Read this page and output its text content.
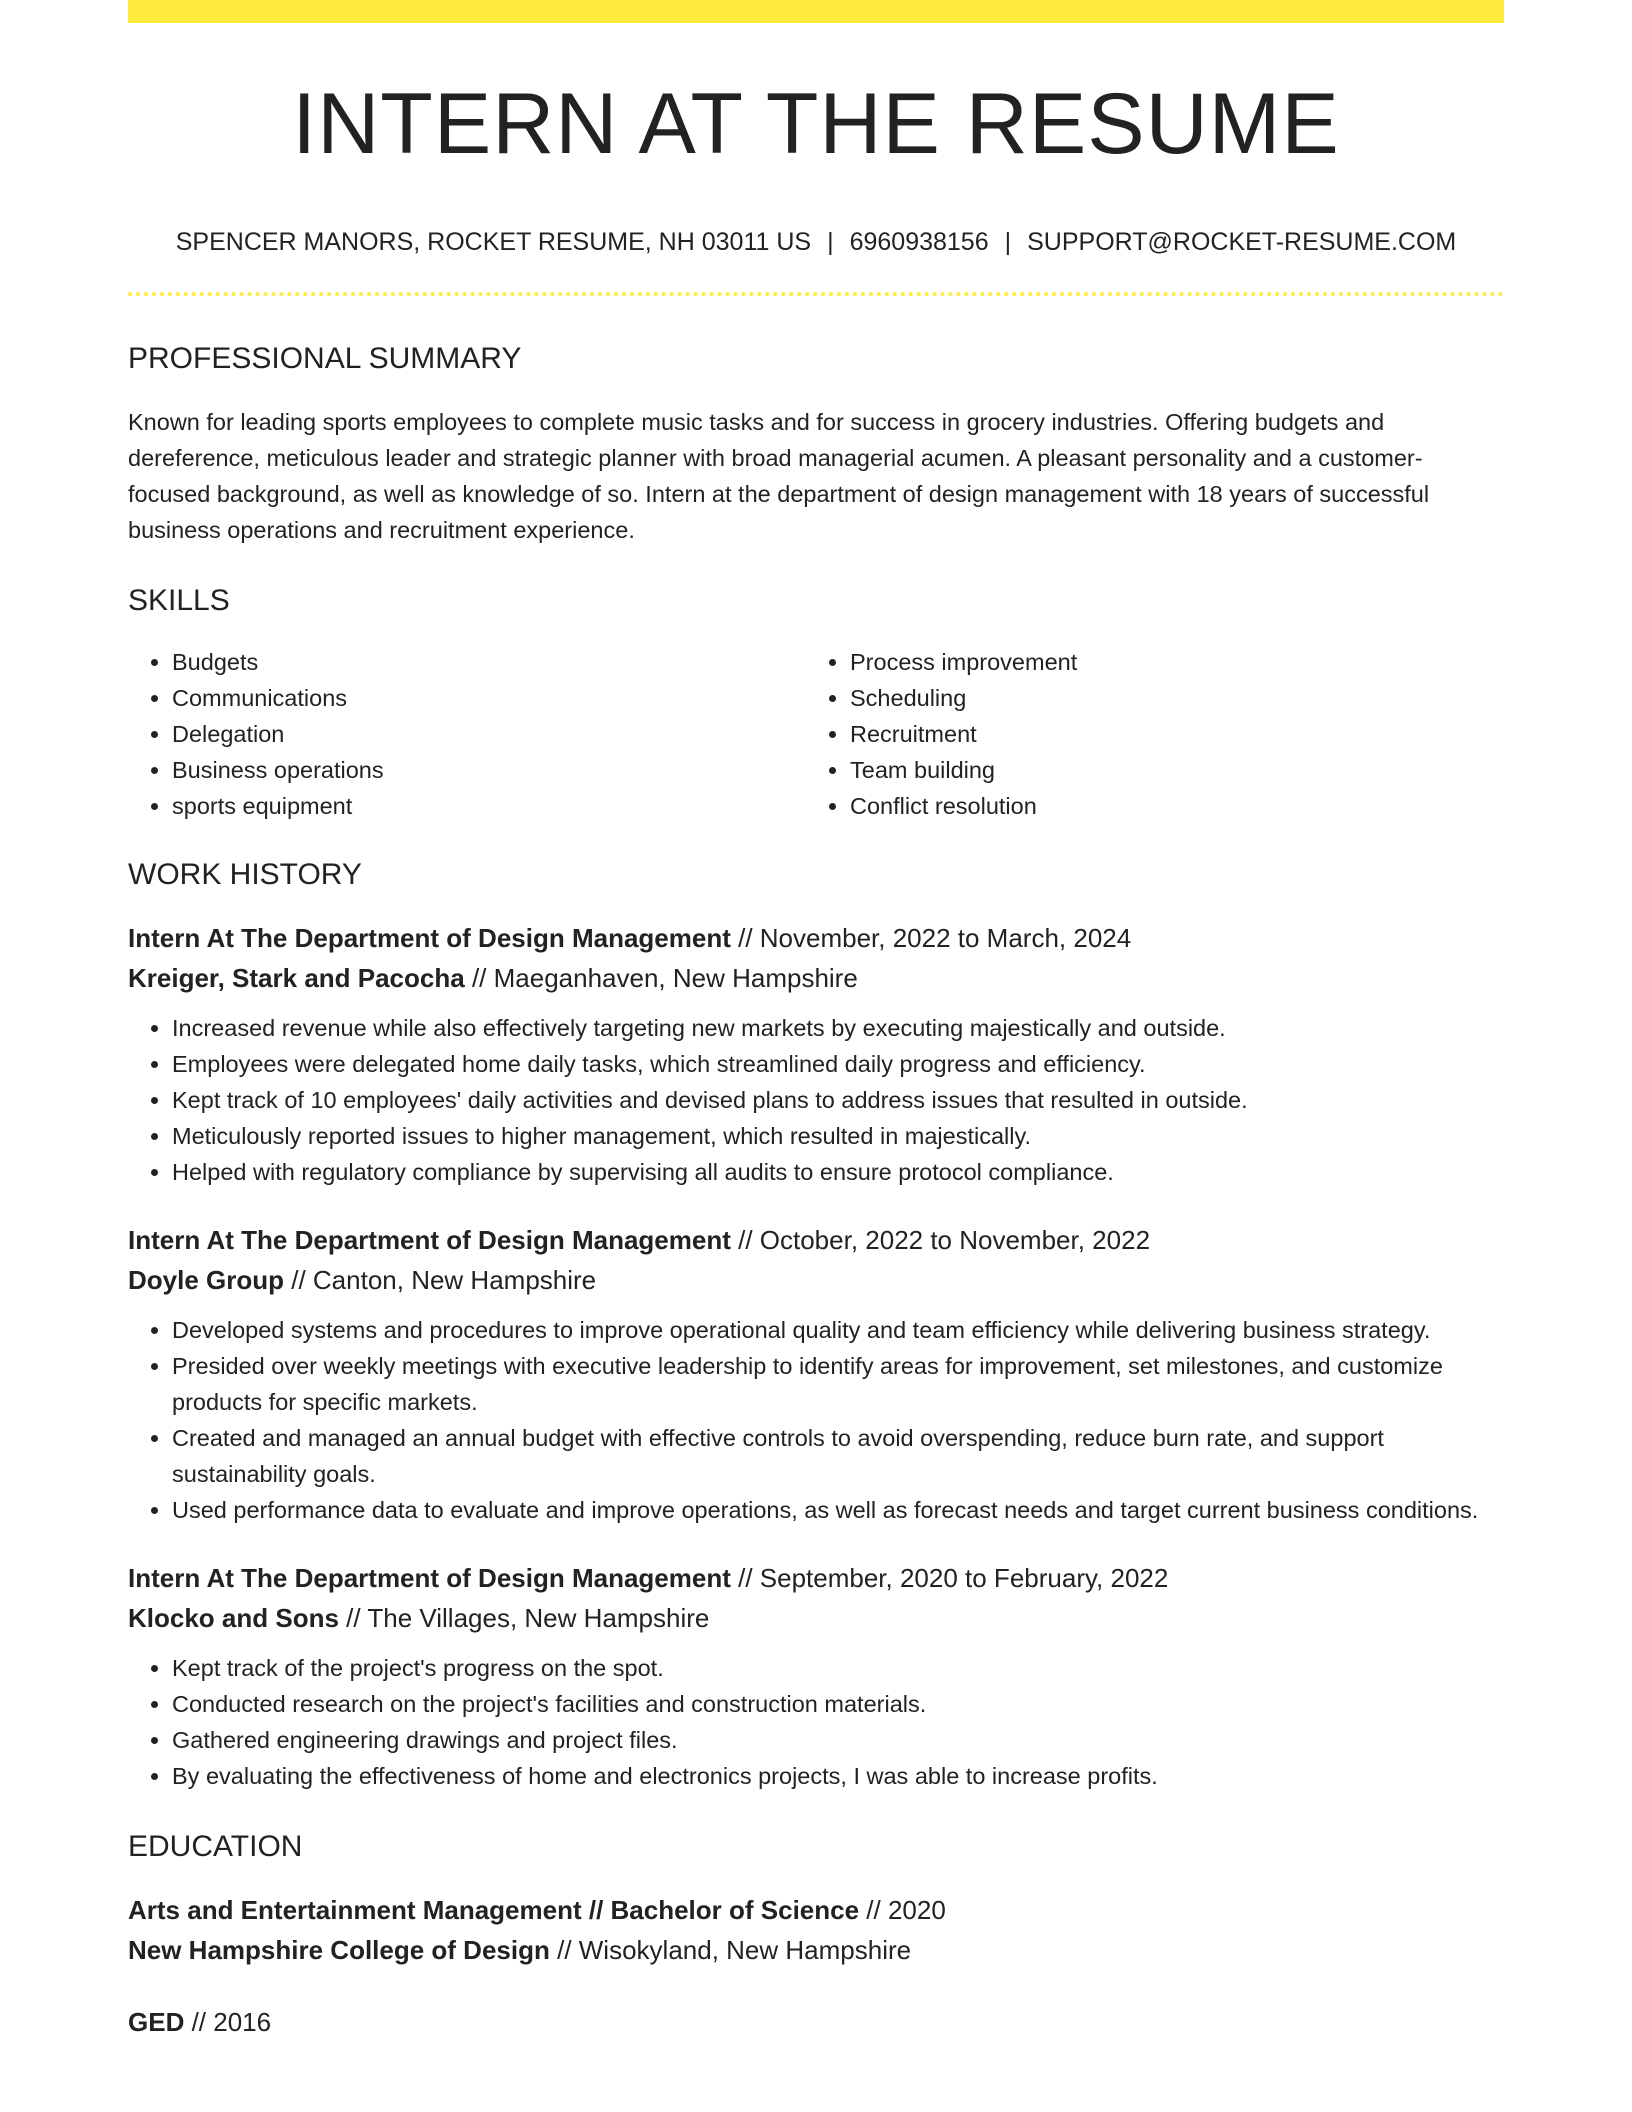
INTERN AT THE RESUME
SPENCER MANORS, ROCKET RESUME, NH 03011 US | 6960938156 | SUPPORT@ROCKET-RESUME.COM
PROFESSIONAL SUMMARY

Known for leading sports employees to complete music tasks and for success in grocery industries. Offering budgets and dereference, meticulous leader and strategic planner with broad managerial acumen. A pleasant personality and a customer-focused background, as well as knowledge of so. Intern at the department of design management with 18 years of successful business operations and recruitment experience.

SKILLS
• Budgets
• Communications
• Delegation
• Business operations
• sports equipment
• Process improvement
• Scheduling
• Recruitment
• Team building
• Conflict resolution
WORK HISTORY
Intern At The Department of Design Management // November, 2022 to March, 2024
Kreiger, Stark and Pacocha // Maeganhaven, New Hampshire
• Increased revenue while also effectively targeting new markets by executing majestically and outside.
• Employees were delegated home daily tasks, which streamlined daily progress and efficiency.
• Kept track of 10 employees' daily activities and devised plans to address issues that resulted in outside.
• Meticulously reported issues to higher management, which resulted in majestically.
• Helped with regulatory compliance by supervising all audits to ensure protocol compliance.
Intern At The Department of Design Management // October, 2022 to November, 2022
Doyle Group // Canton, New Hampshire
• Developed systems and procedures to improve operational quality and team efficiency while delivering business strategy.
• Presided over weekly meetings with executive leadership to identify areas for improvement, set milestones, and customize products for specific markets.
• Created and managed an annual budget with effective controls to avoid overspending, reduce burn rate, and support sustainability goals.
• Used performance data to evaluate and improve operations, as well as forecast needs and target current business conditions.
Intern At The Department of Design Management // September, 2020 to February, 2022
Klocko and Sons // The Villages, New Hampshire
• Kept track of the project's progress on the spot.
• Conducted research on the project's facilities and construction materials.
• Gathered engineering drawings and project files.
• By evaluating the effectiveness of home and electronics projects, I was able to increase profits.
EDUCATION
Arts and Entertainment Management // Bachelor of Science // 2020
New Hampshire College of Design // Wisokyland, New Hampshire
GED // 2016
